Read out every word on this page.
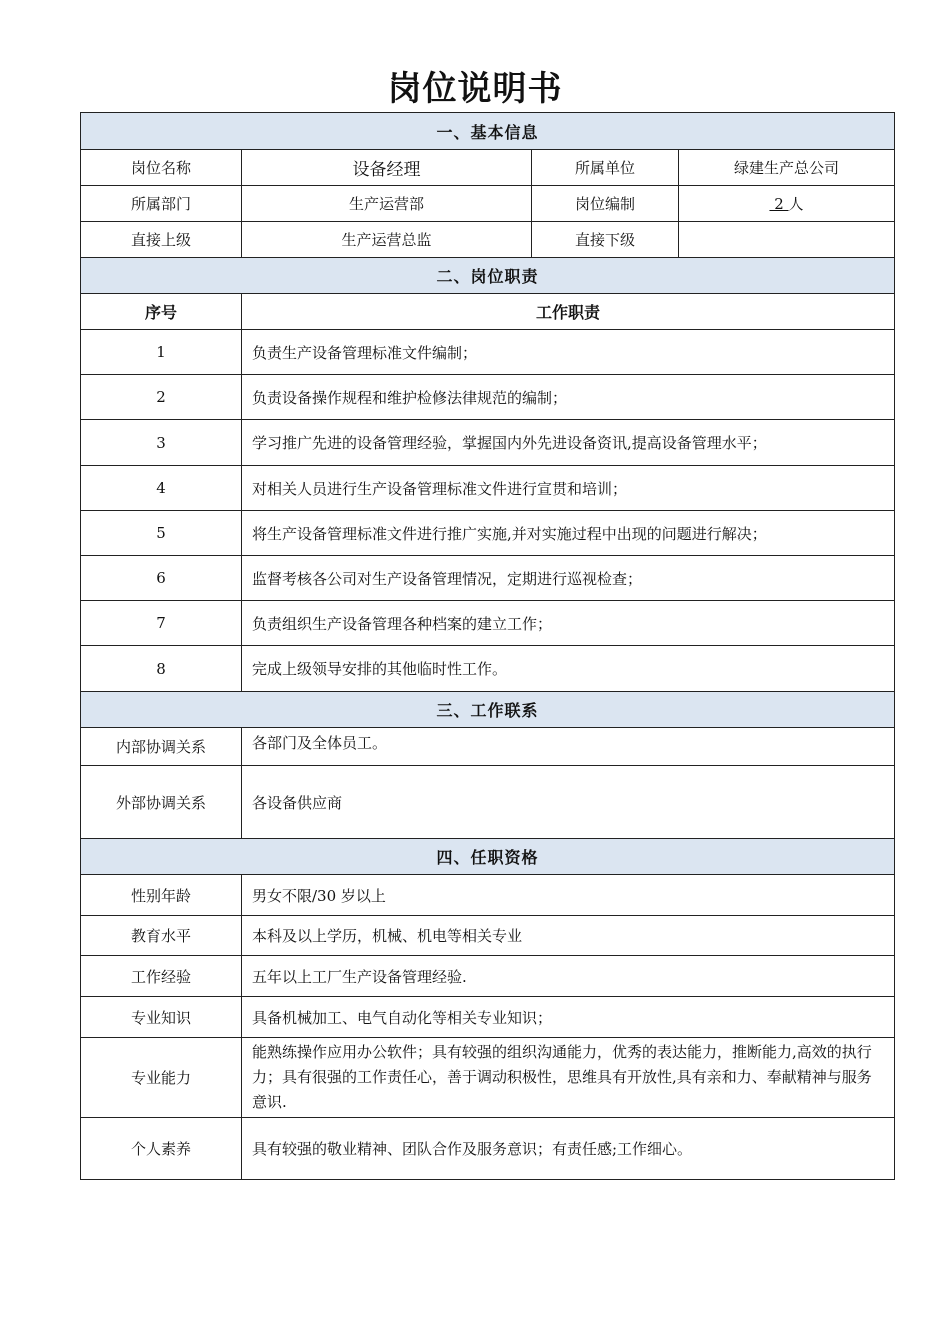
岗位说明书
一、基本信息			
岗位名称	设备经理	所属单位	绿建生产总公司
所属部门	生产运营部	岗位编制	2 人
直接上级	生产运营总监	直接下级	
二、岗位职责			
序号	工作职责		
1	负责生产设备管理标准文件编制；		
2	负责设备操作规程和维护检修法律规范的编制；		
3	学习推广先进的设备管理经验，掌握国内外先进设备资讯,提高设备管理水平；		
4	对相关人员进行生产设备管理标准文件进行宣贯和培训；		
5	将生产设备管理标准文件进行推广实施,并对实施过程中出现的问题进行解决；		
6	监督考核各公司对生产设备管理情况，定期进行巡视检查；		
7	负责组织生产设备管理各种档案的建立工作；		
8	完成上级领导安排的其他临时性工作。		
三、工作联系			
内部协调关系	各部门及全体员工。		
外部协调关系	各设备供应商		
四、任职资格			
性别年龄	男女不限/30 岁以上		
教育水平	本科及以上学历，机械、机电等相关专业		
工作经验	五年以上工厂生产设备管理经验.		
专业知识	具备机械加工、电气自动化等相关专业知识；		
专业能力	能熟练操作应用办公软件；具有较强的组织沟通能力，优秀的表达能力，推断能力,高效的执行力；具有很强的工作责任心，善于调动积极性，思维具有开放性,具有亲和力、奉献精神与服务意识.		
个人素养	具有较强的敬业精神、团队合作及服务意识；有责任感;工作细心。		
